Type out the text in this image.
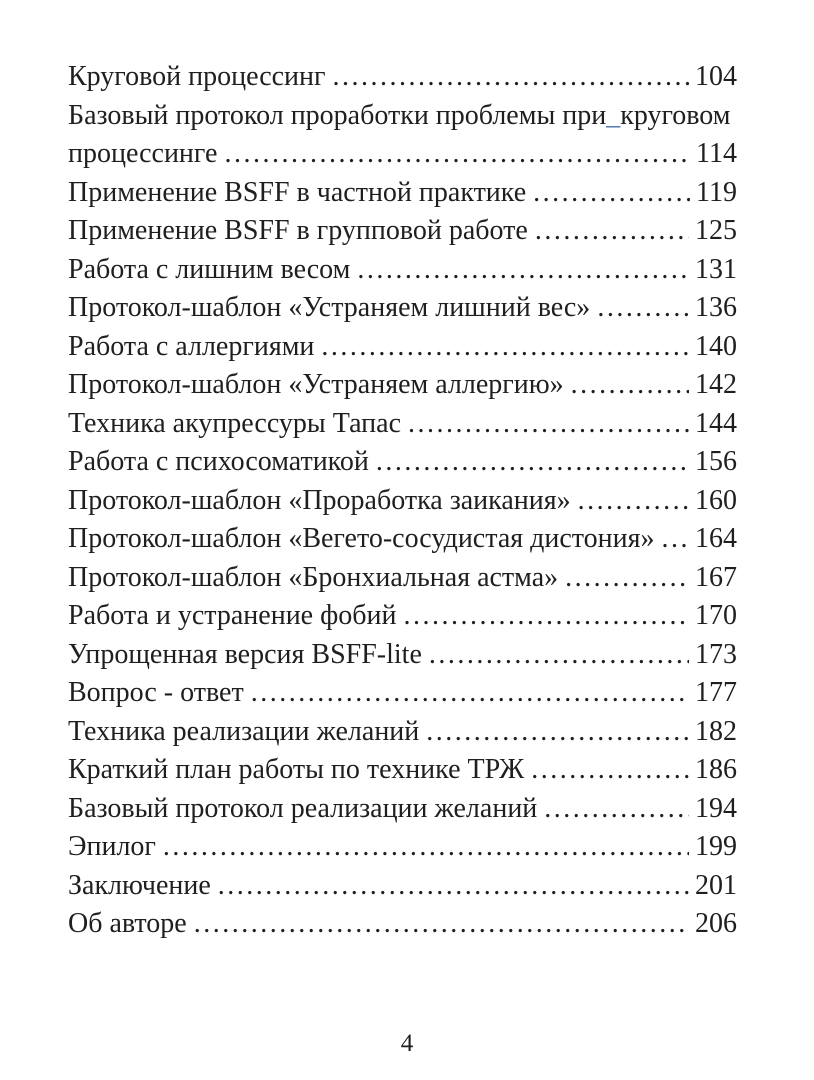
Круговой процессинг .....	104
Базовый протокол проработки проблемы при_круговом
процессинге .....	114
Применение BSFF в частной практике .....	119
Применение BSFF в групповой работе .....	125
Работа с лишним весом .....	131
Протокол-шаблон «Устраняем лишний вес» .....	136
Работа с аллергиями .....	140
Протокол-шаблон «Устраняем аллергию» .....	142
Техника акупрессуры Тапас .....	144
Работа с психосоматикой .....	156
Протокол-шаблон «Проработка заикания» .....	160
Протокол-шаблон «Вегето-сосудистая дистония» ..... 164
Протокол-шаблон «Бронхиальная астма» .....	167
Работа и устранение фобий .....	170
Упрощенная версия BSFF-lite .....	173
Вопрос - ответ .....	177
Техника реализации желаний .....	182
Краткий план работы по технике ТРЖ .....	186
Базовый протокол реализации желаний .....	194
Эпилог .....	199
Заключение .....	201
Об авторе .....	206
4
